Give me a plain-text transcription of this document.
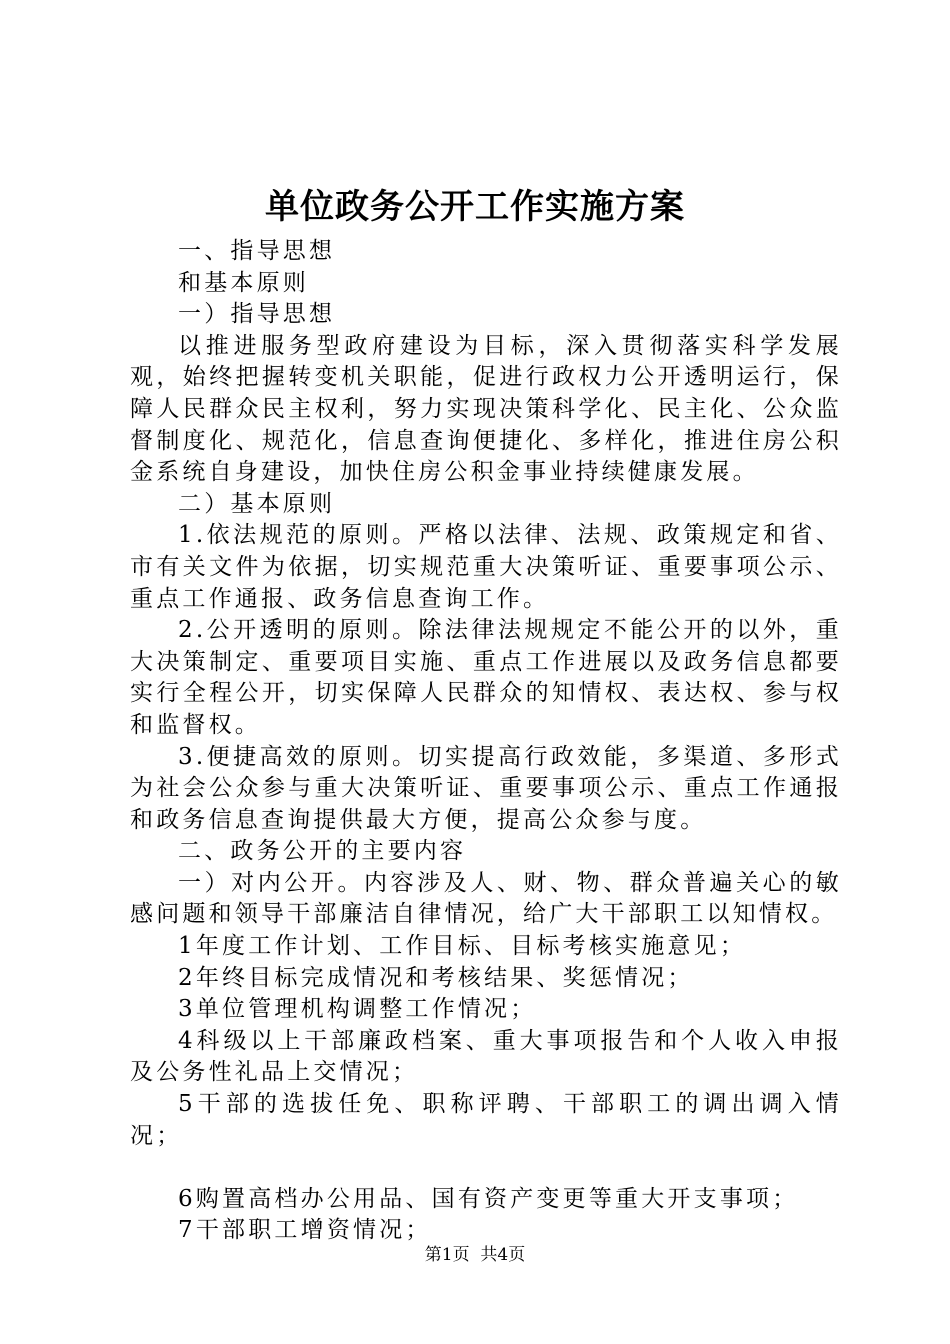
单位政务公开工作实施方案

一、指导思想

和基本原则

一）指导思想

以推进服务型政府建设为目标，深入贯彻落实科学发展观，始终把握转变机关职能，促进行政权力公开透明运行，保障人民群众民主权利，努力实现决策科学化、民主化、公众监督制度化、规范化，信息查询便捷化、多样化，推进住房公积金系统自身建设，加快住房公积金事业持续健康发展。

二）基本原则

1.依法规范的原则。严格以法律、法规、政策规定和省、市有关文件为依据，切实规范重大决策听证、重要事项公示、重点工作通报、政务信息查询工作。

2.公开透明的原则。除法律法规规定不能公开的以外，重大决策制定、重要项目实施、重点工作进展以及政务信息都要实行全程公开，切实保障人民群众的知情权、表达权、参与权和监督权。

3.便捷高效的原则。切实提高行政效能，多渠道、多形式为社会公众参与重大决策听证、重要事项公示、重点工作通报和政务信息查询提供最大方便，提高公众参与度。

二、政务公开的主要内容

一）对内公开。内容涉及人、财、物、群众普遍关心的敏感问题和领导干部廉洁自律情况，给广大干部职工以知情权。

1年度工作计划、工作目标、目标考核实施意见；

2年终目标完成情况和考核结果、奖惩情况；

3单位管理机构调整工作情况；

4科级以上干部廉政档案、重大事项报告和个人收入申报及公务性礼品上交情况；

5干部的选拔任免、职称评聘、干部职工的调出调入情况；

6购置高档办公用品、国有资产变更等重大开支事项；

7干部职工增资情况；

第1页  共4页
